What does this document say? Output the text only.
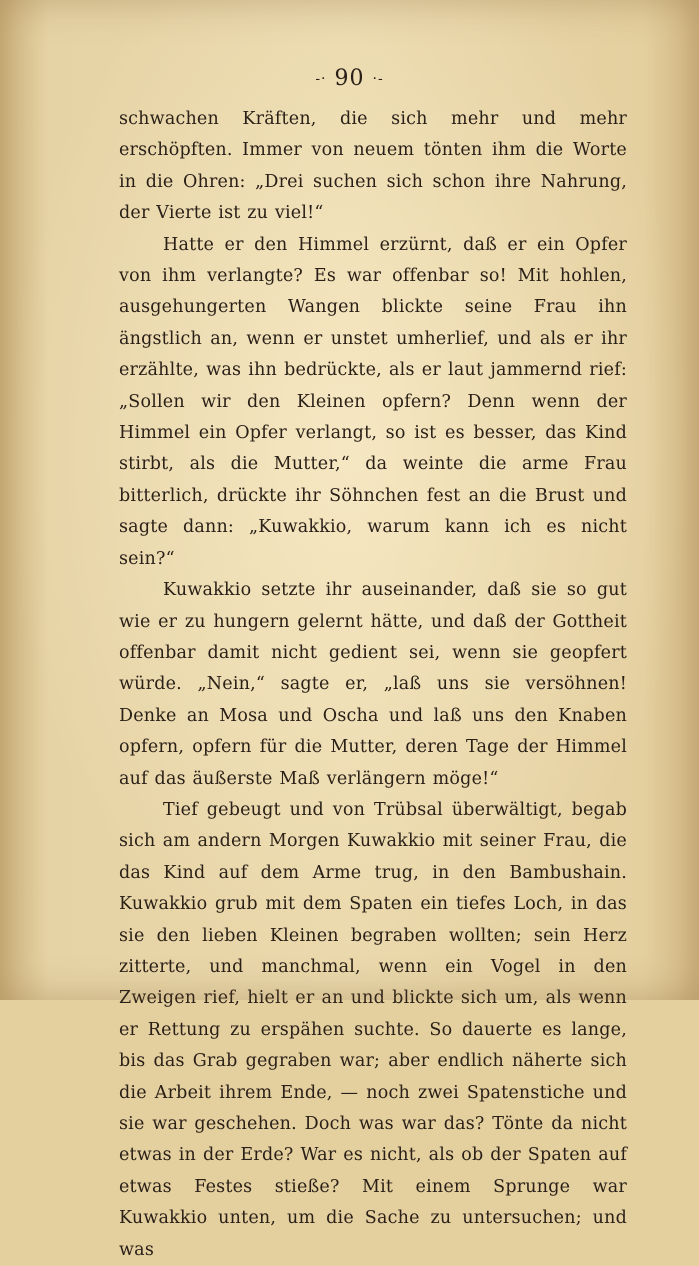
-· 90 ·-

schwachen Kräften, die sich mehr und mehr erschöpften. Immer von neuem tönten ihm die Worte in die Ohren: „Drei suchen sich schon ihre Nahrung, der Vierte ist zu viel!“

Hatte er den Himmel erzürnt, daß er ein Opfer von ihm verlangte? Es war offenbar so! Mit hohlen, ausgehungerten Wangen blickte seine Frau ihn ängstlich an, wenn er unstet umherlief, und als er ihr erzählte, was ihn bedrückte, als er laut jammernd rief: „Sollen wir den Kleinen opfern? Denn wenn der Himmel ein Opfer verlangt, so ist es besser, das Kind stirbt, als die Mutter,“ da weinte die arme Frau bitterlich, drückte ihr Söhnchen fest an die Brust und sagte dann: „Kuwakkio, warum kann ich es nicht sein?“

Kuwakkio setzte ihr auseinander, daß sie so gut wie er zu hungern gelernt hätte, und daß der Gottheit offenbar damit nicht gedient sei, wenn sie geopfert würde. „Nein,“ sagte er, „laß uns sie versöhnen! Denke an Mosa und Oscha und laß uns den Knaben opfern, opfern für die Mutter, deren Tage der Himmel auf das äußerste Maß verlängern möge!“

Tief gebeugt und von Trübsal überwältigt, begab sich am andern Morgen Kuwakkio mit seiner Frau, die das Kind auf dem Arme trug, in den Bambushain. Kuwakkio grub mit dem Spaten ein tiefes Loch, in das sie den lieben Kleinen begraben wollten; sein Herz zitterte, und manchmal, wenn ein Vogel in den Zweigen rief, hielt er an und blickte sich um, als wenn er Rettung zu erspähen suchte. So dauerte es lange, bis das Grab gegraben war; aber endlich näherte sich die Arbeit ihrem Ende, — noch zwei Spatenstiche und sie war geschehen. Doch was war das? Tönte da nicht etwas in der Erde? War es nicht, als ob der Spaten auf etwas Festes stieße? Mit einem Sprunge war Kuwakkio unten, um die Sache zu untersuchen; und was
